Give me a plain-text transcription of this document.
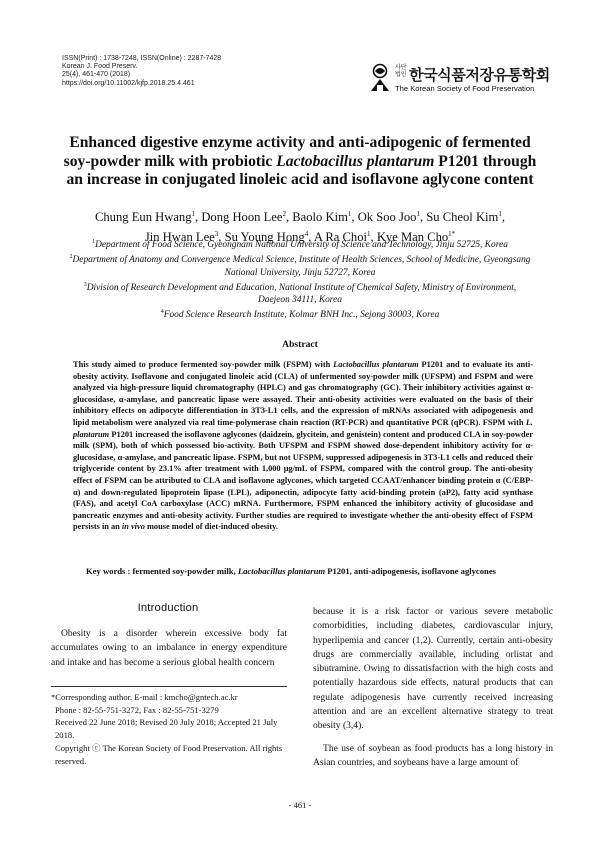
ISSN(Print) : 1738-7248, ISSN(Online) : 2287-7428
Korean J. Food Preserv.
25(4), 461-470 (2018)
https://doi.org/10.11002/kjfp.2018.25.4.461
사단 법인 한국식품저장유통학회
The Korean Society of Food Preservation
Enhanced digestive enzyme activity and anti-adipogenic of fermented
soy-powder milk with probiotic Lactobacillus plantarum P1201 through
an increase in conjugated linoleic acid and isoflavone aglycone content
Chung Eun Hwang$^1$, Dong Hoon Lee$^2$, Baolo Kim$^1$, Ok Soo Joo$^1$, Su Cheol Kim$^1$,
Jin Hwan Lee$^3$, Su Young Hong$^4$, A Ra Choi$^1$, Kye Man Cho$^{1*}$
$^1$Department of Food Science, Gyeongnam National University of Science and Technology, Jinju 52725, Korea
$^2$Department of Anatomy and Convergence Medical Science, Institute of Health Sciences, School of Medicine, Gyeongsang
National University, Jinju 52727, Korea
$^3$Division of Research Development and Education, National Institute of Chemical Safety, Ministry of Environment,
Daejeon 34111, Korea
$^4$Food Science Research Institute, Kolmar BNH Inc., Sejong 30003, Korea
Abstract
This study aimed to produce fermented soy-powder milk (FSPM) with Lactobacillus plantarum P1201 and to evaluate its anti-obesity activity. Isoflavone and conjugated linoleic acid (CLA) of unfermented soy-powder milk (UFSPM) and FSPM and were analyzed via high-pressure liquid chromatography (HPLC) and gas chromatography (GC). Their inhibitory activities against α-glucosidase, α-amylase, and pancreatic lipase were assayed. Their anti-obesity activities were evaluated on the basis of their inhibitory effects on adipocyte differentiation in 3T3-L1 cells, and the expression of mRNAs associated with adipogenesis and lipid metabolism were analyzed via real time-polymerase chain reaction (RT-PCR) and quantitative PCR (qPCR). FSPM with L. plantarum P1201 increased the isoflavone aglycones (daidzein, glycitein, and genistein) content and produced CLA in soy-powder milk (SPM), both of which possessed bio-activity. Both UFSPM and FSPM showed dose-dependent inhibitory activity for α-glucosidase, α-amylase, and pancreatic lipase. FSPM, but not UFSPM, suppressed adipogenesis in 3T3-L1 cells and reduced their triglyceride content by 23.1% after treatment with 1,000 μg/mL of FSPM, compared with the control group. The anti-obesity effect of FSPM can be attributed to CLA and isoflavone aglycones, which targeted CCAAT/enhancer binding protein α (C/EBP-α) and down-regulated lipoprotein lipase (LPL), adiponectin, adipocyte fatty acid-binding protein (aP2), fatty acid synthase (FAS), and acetyl CoA carboxylase (ACC) mRNA. Furthermore, FSPM enhanced the inhibitory activity of glucosidase and pancreatic enzymes and anti-obesity activity. Further studies are required to investigate whether the anti-obesity effect of FSPM persists in an in vivo mouse model of diet-induced obesity.
Key words : fermented soy-powder milk, Lactobacillus plantarum P1201, anti-adipogenesis, isoflavone aglycones
Introduction

Obesity is a disorder wherein excessive body fat accumulates owing to an imbalance in energy expenditure and intake and has become a serious global health concern

*Corresponding author. E-mail : kmcho@gntech.ac.kr
Phone : 82-55-751-3272, Fax : 82-55-751-3279
Received 22 June 2018; Revised 20 July 2018; Accepted 21 July 2018.
Copyright ⓒ The Korean Society of Food Preservation. All rights reserved.

because it is a risk factor or various severe metabolic comorbidities, including diabetes, cardiovascular injury, hyperlipemia and cancer (1,2). Currently, certain anti-obesity drugs are commercially available, including orlistat and sibutramine. Owing to dissatisfaction with the high costs and potentially hazardous side effects, natural products that can regulate adipogenesis have currently received increasing attention and are an excellent alternative strategy to treat obesity (3,4).

The use of soybean as food products has a long history in Asian countries, and soybeans have a large amount of

- 461 -
